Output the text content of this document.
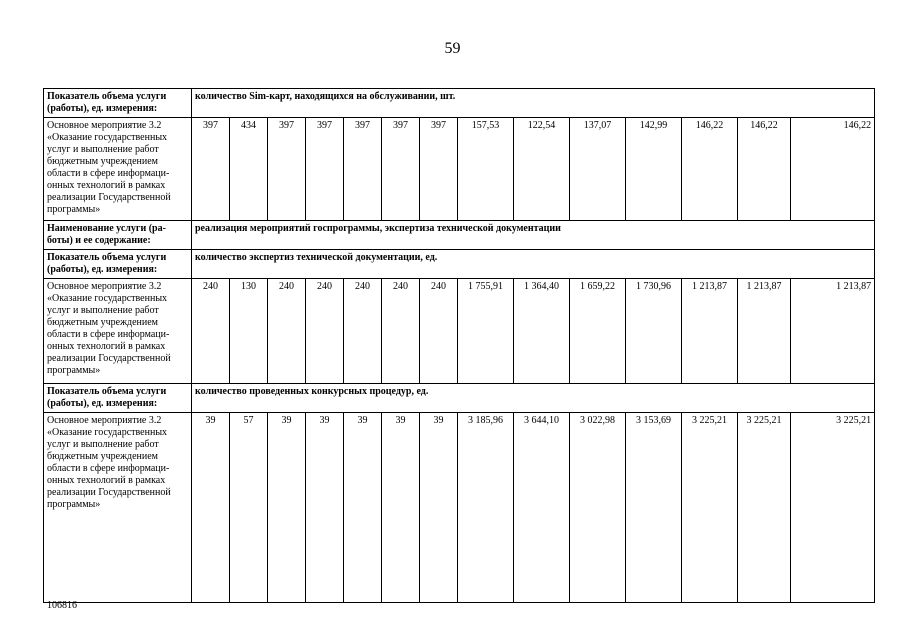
59
Показатель объема услуги (работы), ед. измерения:	количество Sim-карт, находящихся на обслуживании, шт.													
Основное мероприятие 3.2 «Оказание государственных услуг и выполнение работ бюджетным учреждением области в сфере информаци-онных технологий в рамках реализации Государственной программы»	397	434	397	397	397	397	397	157,53	122,54	137,07	142,99	146,22	146,22	146,22
Наименование услуги (ра-боты) и ее содержание:	реализация мероприятий госпрограммы, экспертиза технической документации													
Показатель объема услуги (работы), ед. измерения:	количество экспертиз технической документации, ед.													
Основное мероприятие 3.2 «Оказание государственных услуг и выполнение работ бюджетным учреждением области в сфере информаци-онных технологий в рамках реализации Государственной программы»	240	130	240	240	240	240	240	1 755,91	1 364,40	1 659,22	1 730,96	1 213,87	1 213,87	1 213,87
Показатель объема услуги (работы), ед. измерения:	количество проведенных конкурсных процедур, ед.													
Основное мероприятие 3.2 «Оказание государственных услуг и выполнение работ бюджетным учреждением области в сфере информаци-онных технологий в рамках реализации Государственной программы»	39	57	39	39	39	39	39	3 185,96	3 644,10	3 022,98	3 153,69	3 225,21	3 225,21	3 225,21
106816
